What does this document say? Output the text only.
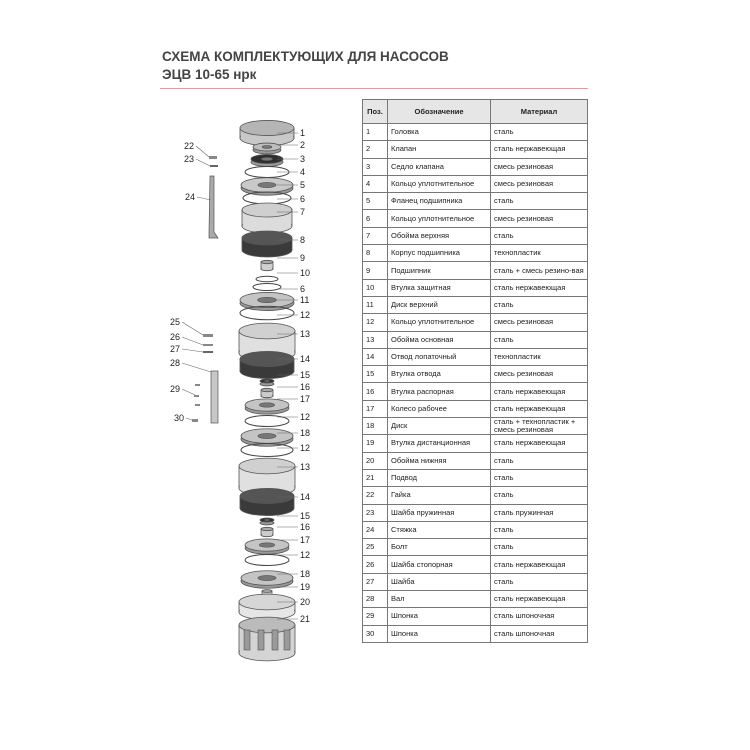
СХЕМА КОМПЛЕКТУЮЩИХ ДЛЯ НАСОСОВ
ЭЦВ 10-65 нрк
1
2
3
4
5
6
7
8
9
10
6
11
12
13
14
15
16
17
12
18
12
13
14
15
16
17
12
18
19
20
21
22
23
24
25
26
27
28
29
30
Поз.	Обозначение	Материал
1	Головка	сталь
2	Клапан	сталь нержавеющая
3	Седло клапана	смесь резиновая
4	Кольцо уплотнительное	смесь резиновая
5	Фланец подшипника	сталь
6	Кольцо уплотнительное	смесь резиновая
7	Обойма верхняя	сталь
8	Корпус подшипника	технопластик
9	Подшипник	сталь + смесь резино-вая
10	Втулка защитная	сталь нержавеющая
11	Диск верхний	сталь
12	Кольцо уплотнительное	смесь резиновая
13	Обойма основная	сталь
14	Отвод лопаточный	технопластик
15	Втулка отвода	смесь резиновая
16	Втулка распорная	сталь нержавеющая
17	Колесо рабочее	сталь нержавеющая
18	Диск	сталь + технопластик + смесь резиновая
19	Втулка дистанционная	сталь нержавеющая
20	Обойма нижняя	сталь
21	Подвод	сталь
22	Гайка	сталь
23	Шайба пружинная	сталь пружинная
24	Стяжка	сталь
25	Болт	сталь
26	Шайба стопорная	сталь нержавеющая
27	Шайба	сталь
28	Вал	сталь нержавеющая
29	Шпонка	сталь шпоночная
30	Шпонка	сталь шпоночная
